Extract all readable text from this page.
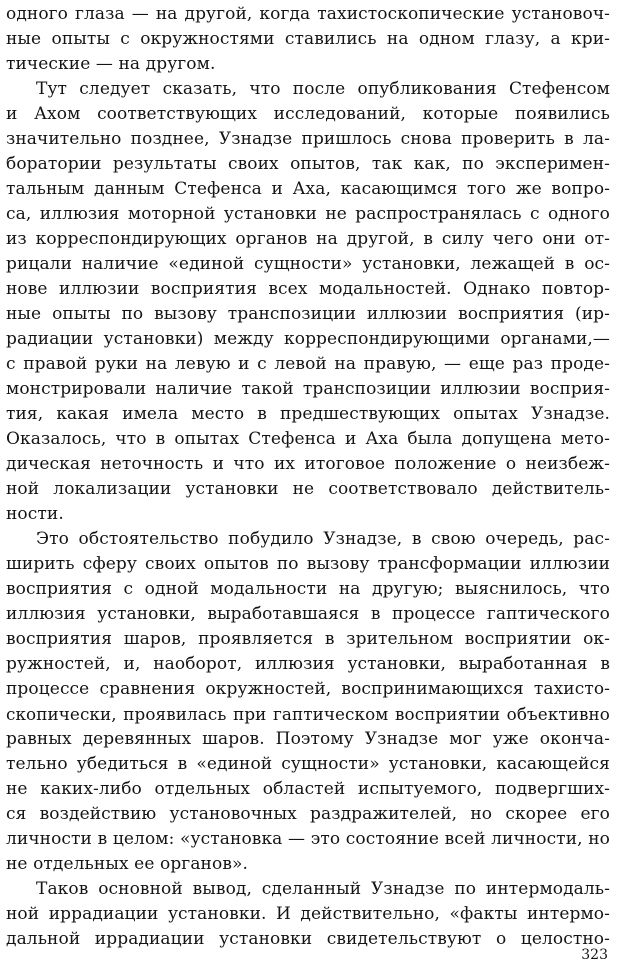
одного глаза — на другой, когда тахистоскопические установоч-
ные опыты с окружностями ставились на одном глазу, а кри-
тические — на другом.
Тут следует сказать, что после опубликования Стефенсом
и Ахом соответствующих исследований, которые появились
значительно позднее, Узнадзе пришлось снова проверить в ла-
боратории результаты своих опытов, так как, по эксперимен-
тальным данным Стефенса и Аха, касающимся того же вопро-
са, иллюзия моторной установки не распространялась с одного
из корреспондирующих органов на другой, в силу чего они от-
рицали наличие «единой сущности» установки, лежащей в ос-
нове иллюзии восприятия всех модальностей. Однако повтор-
ные опыты по вызову транспозиции иллюзии восприятия (ир-
радиации установки) между корреспондирующими органами,—
с правой руки на левую и с левой на правую, — еще раз проде-
монстрировали наличие такой транспозиции иллюзии восприя-
тия, какая имела место в предшествующих опытах Узнадзе.
Оказалось, что в опытах Стефенса и Аха была допущена мето-
дическая неточность и что их итоговое положение о неизбеж-
ной локализации установки не соответствовало действитель-
ности.
Это обстоятельство побудило Узнадзе, в свою очередь, рас-
ширить сферу своих опытов по вызову трансформации иллюзии
восприятия с одной модальности на другую; выяснилось, что
иллюзия установки, выработавшаяся в процессе гаптического
восприятия шаров, проявляется в зрительном восприятии ок-
ружностей, и, наоборот, иллюзия установки, выработанная в
процессе сравнения окружностей, воспринимающихся тахисто-
скопически, проявилась при гаптическом восприятии объективно
равных деревянных шаров. Поэтому Узнадзе мог уже оконча-
тельно убедиться в «единой сущности» установки, касающейся
не каких-либо отдельных областей испытуемого, подвергших-
ся воздействию установочных раздражителей, но скорее его
личности в целом: «установка — это состояние всей личности, но
не отдельных ее органов».
Таков основной вывод, сделанный Узнадзе по интермодаль-
ной иррадиации установки. И действительно, «факты интермо-
дальной иррадиации установки свидетельствуют о целостно-
323
